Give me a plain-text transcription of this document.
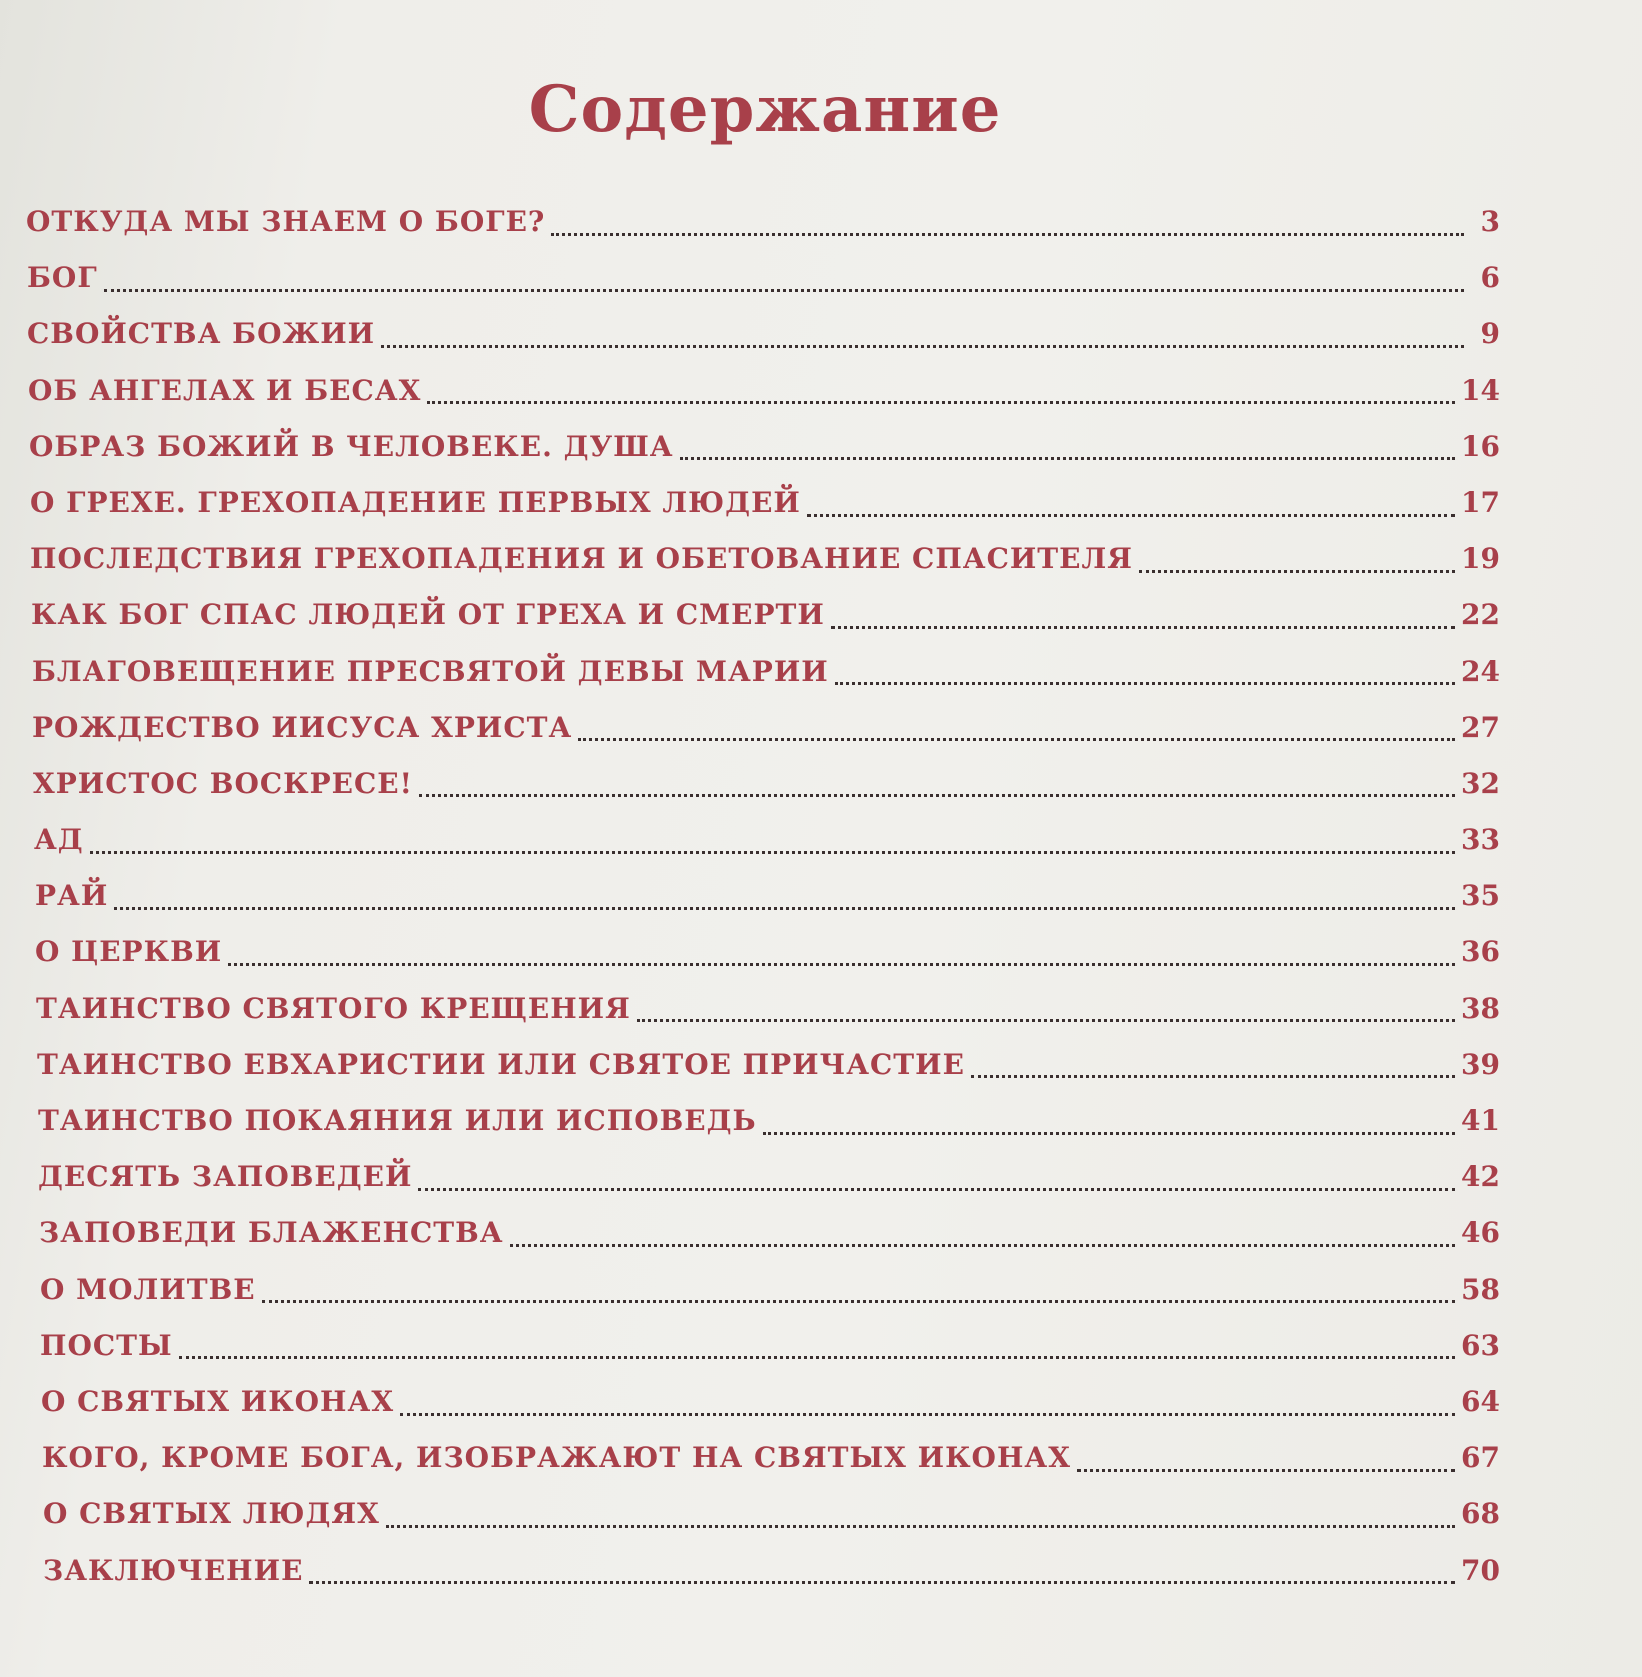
Содержание
ОТКУДА МЫ ЗНАЕМ О БОГЕ?	3
БОГ	6
СВОЙСТВА БОЖИИ	9
ОБ АНГЕЛАХ И БЕСАХ	14
ОБРАЗ БОЖИЙ В ЧЕЛОВЕКЕ. ДУША	16
О ГРЕХЕ. ГРЕХОПАДЕНИЕ ПЕРВЫХ ЛЮДЕЙ	17
ПОСЛЕДСТВИЯ ГРЕХОПАДЕНИЯ И ОБЕТОВАНИЕ СПАСИТЕЛЯ	19
КАК БОГ СПАС ЛЮДЕЙ ОТ ГРЕХА И СМЕРТИ	22
БЛАГОВЕЩЕНИЕ ПРЕСВЯТОЙ ДЕВЫ МАРИИ	24
РОЖДЕСТВО ИИСУСА ХРИСТА	27
ХРИСТОС ВОСКРЕСЕ!	32
АД	33
РАЙ	35
О ЦЕРКВИ	36
ТАИНСТВО СВЯТОГО КРЕЩЕНИЯ	38
ТАИНСТВО ЕВХАРИСТИИ ИЛИ СВЯТОЕ ПРИЧАСТИЕ	39
ТАИНСТВО ПОКАЯНИЯ ИЛИ ИСПОВЕДЬ	41
ДЕСЯТЬ ЗАПОВЕДЕЙ	42
ЗАПОВЕДИ БЛАЖЕНСТВА	46
О МОЛИТВЕ	58
ПОСТЫ	63
О СВЯТЫХ ИКОНАХ	64
КОГО, КРОМЕ БОГА, ИЗОБРАЖАЮТ НА СВЯТЫХ ИКОНАХ	67
О СВЯТЫХ ЛЮДЯХ	68
ЗАКЛЮЧЕНИЕ	70
